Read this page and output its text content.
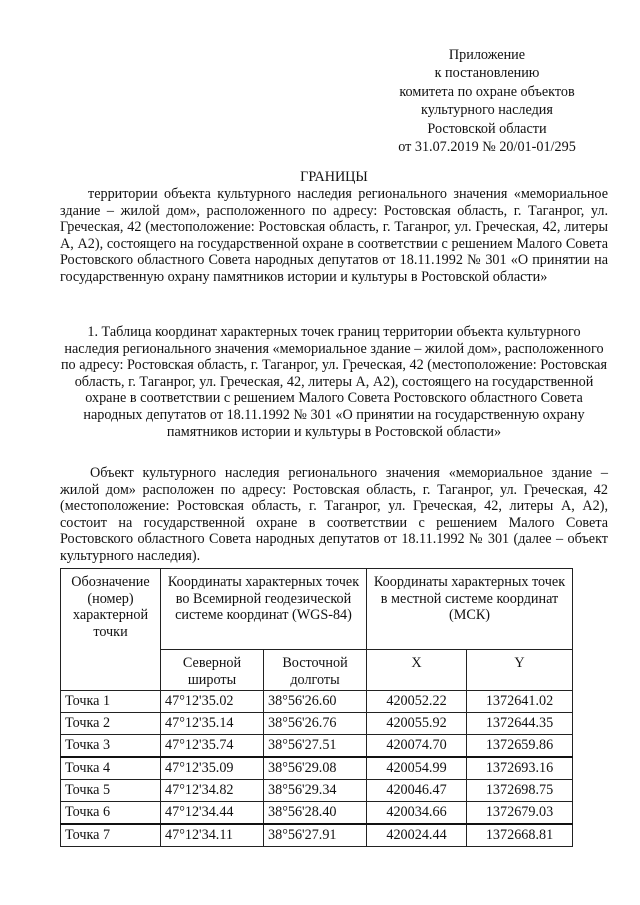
Приложение
к постановлению
комитета по охране объектов
культурного наследия
Ростовской области
от 31.07.2019 № 20/01-01/295
ГРАНИЦЫ
территории объекта культурного наследия регионального значения «мемориальное здание – жилой дом», расположенного по адресу: Ростовская область, г. Таганрог, ул. Греческая, 42 (местоположение: Ростовская область, г. Таганрог, ул. Греческая, 42, литеры А, А2), состоящего на государственной охране в соответствии с решением Малого Совета Ростовского областного Совета народных депутатов от 18.11.1992 № 301 «О принятии на государственную охрану памятников истории и культуры в Ростовской области»
1. Таблица координат характерных точек границ территории объекта культурного наследия регионального значения «мемориальное здание – жилой дом», расположенного по адресу: Ростовская область, г. Таганрог, ул. Греческая, 42 (местоположение: Ростовская область, г. Таганрог, ул. Греческая, 42, литеры А, А2), состоящего на государственной охране в соответствии с решением Малого Совета Ростовского областного Совета народных депутатов от 18.11.1992 № 301 «О принятии на государственную охрану памятников истории и культуры в Ростовской области»
Объект культурного наследия регионального значения «мемориальное здание – жилой дом» расположен по адресу: Ростовская область, г. Таганрог, ул. Греческая, 42 (местоположение: Ростовская область, г. Таганрог, ул. Греческая, 42, литеры А, А2), состоит на государственной охране в соответствии с решением Малого Совета Ростовского областного Совета народных депутатов от 18.11.1992 № 301 (далее – объект культурного наследия).
Обозначение (номер) характерной точки	Координаты характерных точек во Всемирной геодезической системе координат (WGS-84)		Координаты характерных точек в местной системе координат (МСК)	
	Северной широты	Восточной долготы	X	Y
Точка 1	47°12'35.02	38°56'26.60	420052.22	1372641.02
Точка 2	47°12'35.14	38°56'26.76	420055.92	1372644.35
Точка 3	47°12'35.74	38°56'27.51	420074.70	1372659.86
Точка 4	47°12'35.09	38°56'29.08	420054.99	1372693.16
Точка 5	47°12'34.82	38°56'29.34	420046.47	1372698.75
Точка 6	47°12'34.44	38°56'28.40	420034.66	1372679.03
Точка 7	47°12'34.11	38°56'27.91	420024.44	1372668.81
